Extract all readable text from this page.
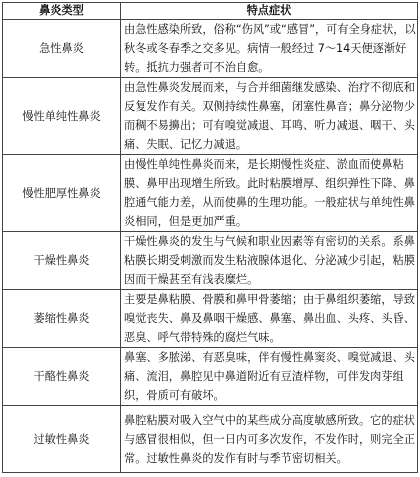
鼻炎类型	特点症状
急性鼻炎	由急性感染所致，俗称“伤风”或“感冒”，可有全身症状，以秋冬或冬春季之交多见。病情一般经过 7～14天便逐渐好转。抵抗力强者可不治自愈。
慢性单纯性鼻炎	由急性鼻炎发展而来，与合并细菌继发感染、治疗不彻底和反复发作有关。双侧持续性鼻塞，闭塞性鼻音；鼻分泌物少而稠不易擤出；可有嗅觉减退、耳鸣、听力减退、咽干、头痛、失眠、记忆力减退。
慢性肥厚性鼻炎	由慢性单纯性鼻炎而来，是长期慢性炎症、淤血而使鼻粘膜、鼻甲出现增生所致。此时粘膜增厚、组织弹性下降、鼻腔通气能力差，从而使鼻的生理功能。一般症状与单纯性鼻炎相同，但是更加严重。
干燥性鼻炎	干燥性鼻炎的发生与气候和职业因素等有密切的关系。系鼻粘膜长期受刺激而发生粘液腺体退化、分泌减少引起，粘膜因而干燥甚至有浅表糜烂。
萎缩性鼻炎	主要是鼻粘膜、骨膜和鼻甲骨萎缩；由于鼻组织萎缩，导致嗅觉丧失、鼻及鼻咽干燥感、鼻塞、鼻出血、头疼、头昏、恶臭、呼气带特殊的腐烂气味。
干酪性鼻炎	鼻塞、多脓涕、有恶臭味，伴有慢性鼻窦炎、嗅觉减退、头痛、流泪，鼻腔见中鼻道附近有豆渣样物，可伴发肉芽组织，骨质可有破坏。
过敏性鼻炎	鼻腔粘膜对吸入空气中的某些成分高度敏感所致。它的症状与感冒很相似，但一日内可多次发作，不发作时，则完全正常。过敏性鼻炎的发作有时与季节密切相关。
